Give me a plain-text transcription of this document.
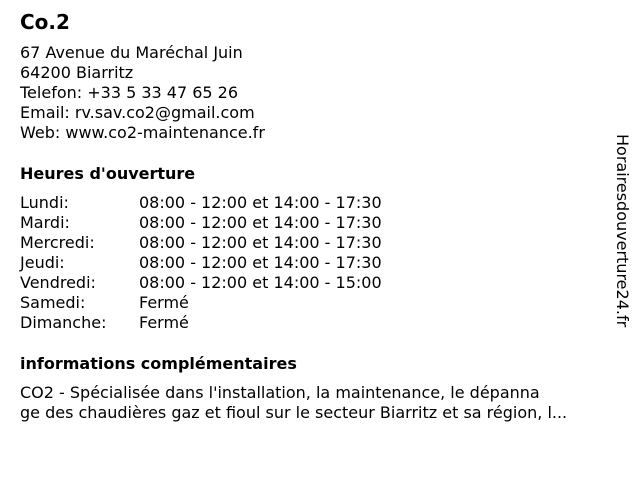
Co.2
67 Avenue du Maréchal Juin
64200 Biarritz
Telefon: +33 5 33 47 65 26
Email: rv.sav.co2@gmail.com
Web: www.co2-maintenance.fr
Heures d'ouverture
Lundi:	08:00 - 12:00 et 14:00 - 17:30
Mardi:	08:00 - 12:00 et 14:00 - 17:30
Mercredi:	08:00 - 12:00 et 14:00 - 17:30
Jeudi:	08:00 - 12:00 et 14:00 - 17:30
Vendredi:	08:00 - 12:00 et 14:00 - 15:00
Samedi:	Fermé
Dimanche: Fermé
informations complémentaires
CO2 - Spécialisée dans l'installation, la maintenance, le dépanna
ge des chaudières gaz et fioul sur le secteur Biarritz et sa région, l...
Horairesdouverture24.fr
